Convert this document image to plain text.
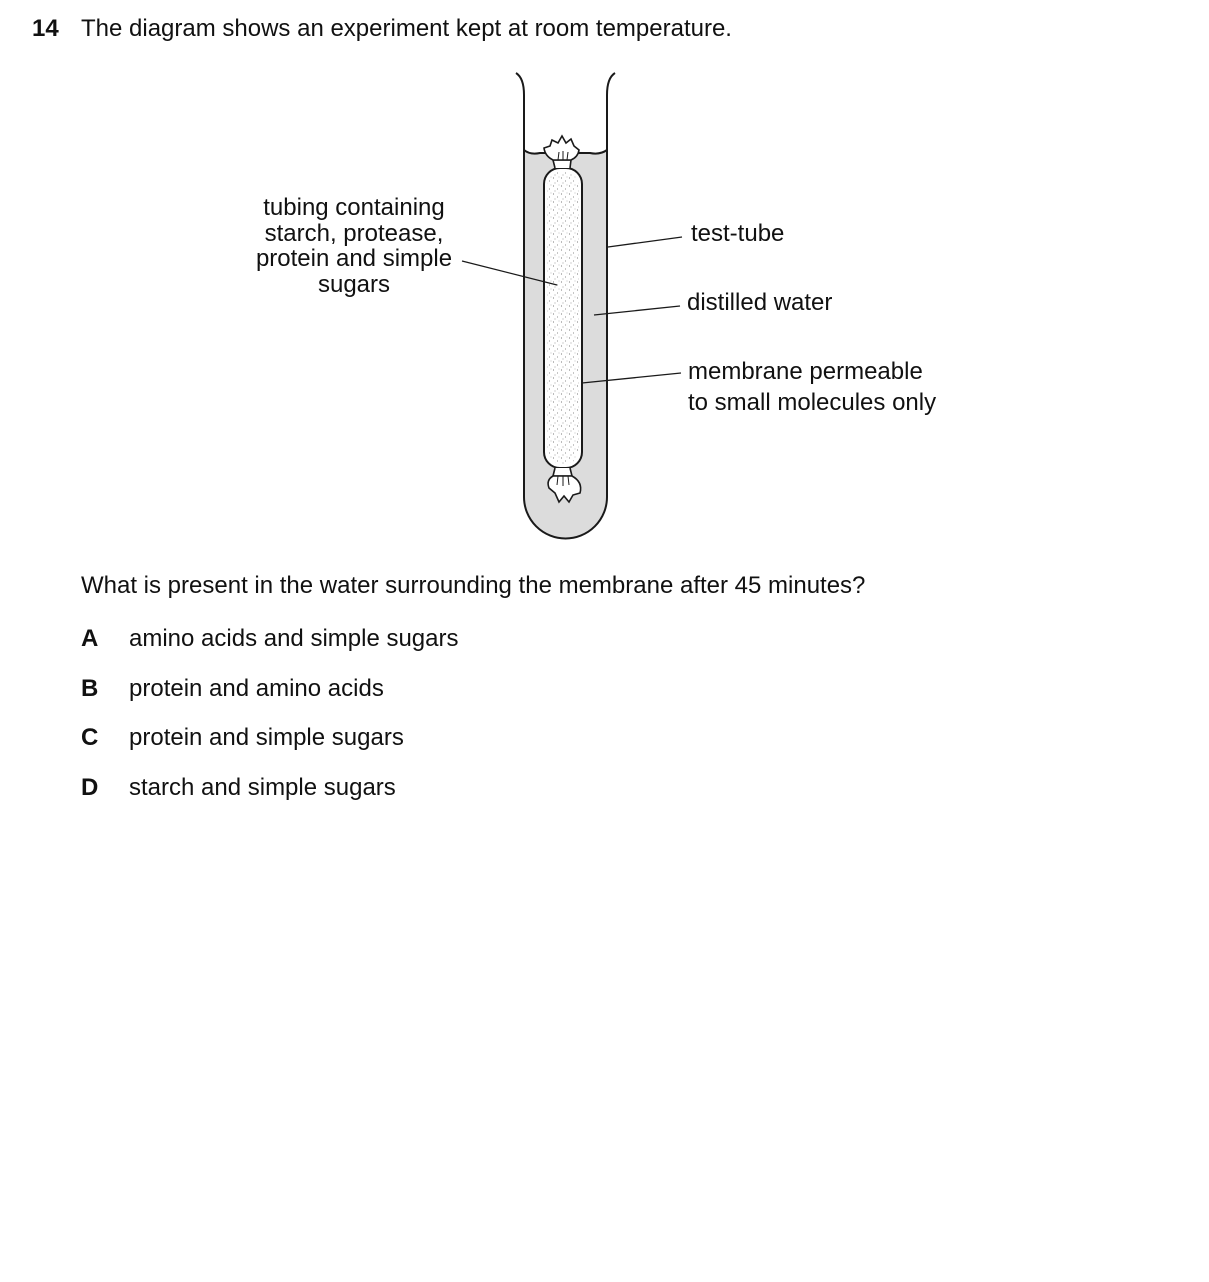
14 The diagram shows an experiment kept at room temperature.
tubing containing
starch, protease,
protein and simple
sugars
test-tube
distilled water
membrane permeable
to small molecules only
What is present in the water surrounding the membrane after 45 minutes?
A	amino acids and simple sugars
B	protein and amino acids
C	protein and simple sugars
D	starch and simple sugars
